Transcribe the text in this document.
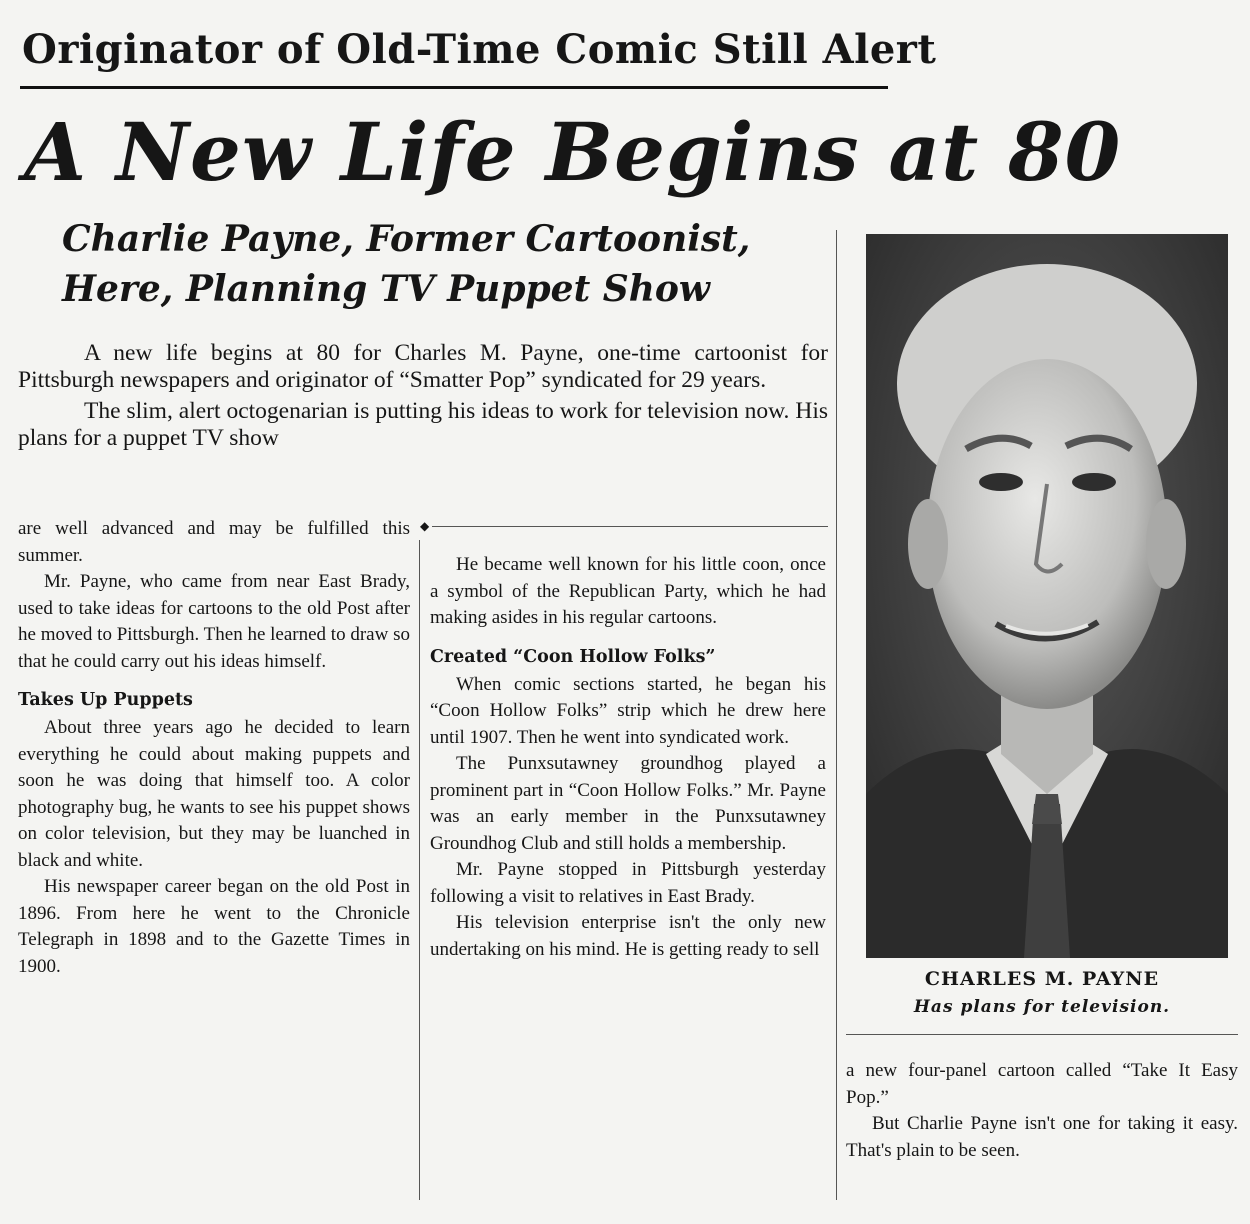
Originator of Old-Time Comic Still Alert
A New Life Begins at 80
Charlie Payne, Former Cartoonist,
Here, Planning TV Puppet Show

A new life begins at 80 for Charles M. Payne, one-time cartoonist for Pittsburgh newspapers and originator of “Smatter Pop” syndicated for 29 years.

The slim, alert octogenarian is putting his ideas to work for television now. His plans for a puppet TV show

◆

are well advanced and may be fulfilled this summer.

Mr. Payne, who came from near East Brady, used to take ideas for cartoons to the old Post after he moved to Pittsburgh. Then he learned to draw so that he could carry out his ideas himself.

Takes Up Puppets

About three years ago he decided to learn everything he could about making puppets and soon he was doing that himself too. A color photography bug, he wants to see his puppet shows on color television, but they may be luanched in black and white.

His newspaper career began on the old Post in 1896. From here he went to the Chronicle Telegraph in 1898 and to the Gazette Times in 1900.

He became well known for his little coon, once a symbol of the Republican Party, which he had making asides in his regular cartoons.

Created “Coon Hollow Folks”

When comic sections started, he began his “Coon Hollow Folks” strip which he drew here until 1907. Then he went into syndicated work.

The Punxsutawney groundhog played a prominent part in “Coon Hollow Folks.” Mr. Payne was an early member in the Punxsutawney Groundhog Club and still holds a membership.

Mr. Payne stopped in Pittsburgh yesterday following a visit to relatives in East Brady.

His television enterprise isn't the only new undertaking on his mind. He is getting ready to sell

CHARLES M. PAYNE
Has plans for television.

a new four-panel cartoon called “Take It Easy Pop.”

But Charlie Payne isn't one for taking it easy. That's plain to be seen.
